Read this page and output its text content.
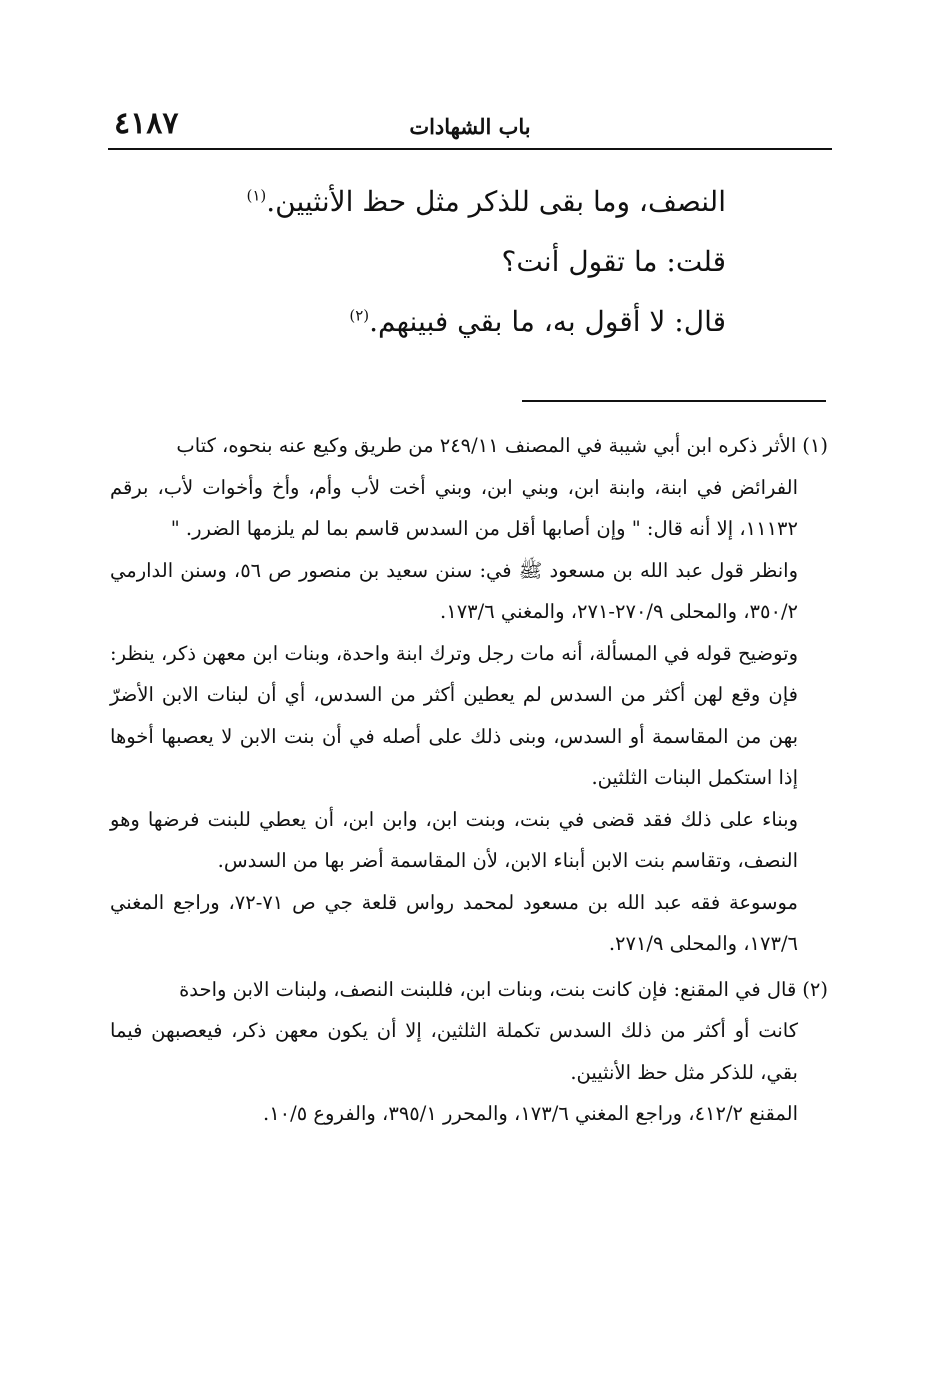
٤١٨٧	باب الشهادات

النصف، وما بقى للذكر مثل حظ الأنثيين.$^{(١)}$

قلت: ما تقول أنت؟

قال: لا أقول به، ما بقي فبينهم.$^{(٢)}$

(١)الأثر ذكره ابن أبي شيبة في المصنف ٢٤٩/١١ من طريق وكيع عنه بنحوه، كتاب

الفرائض في ابنة، وابنة ابن، وبني ابن، وبني أخت لأب وأم، وأخ وأخوات لأب، برقم ١١١٣٢، إلا أنه قال: " وإن أصابها أقل من السدس قاسم بما لم يلزمها الضرر. "

وانظر قول عبد الله بن مسعود ﷺ في: سنن سعيد بن منصور ص ٥٦، وسنن الدارمي ٣٥٠/٢، والمحلى ٢٧٠/٩-٢٧١، والمغني ١٧٣/٦.

وتوضيح قوله في المسألة، أنه مات رجل وترك ابنة واحدة، وبنات ابن معهن ذكر، ينظر: فإن وقع لهن أكثر من السدس لم يعطين أكثر من السدس، أي أن لبنات الابن الأضرّ بهن من المقاسمة أو السدس، وبنى ذلك على أصله في أن بنت الابن لا يعصبها أخوها إذا استكمل البنات الثلثين.

وبناء على ذلك فقد قضى في بنت، وبنت ابن، وابن ابن، أن يعطي للبنت فرضها وهو النصف، وتقاسم بنت الابن أبناء الابن، لأن المقاسمة أضر بها من السدس.

موسوعة فقه عبد الله بن مسعود لمحمد رواس قلعة جي ص ٧١-٧٢، وراجع المغني ١٧٣/٦، والمحلى ٢٧١/٩.

(٢)قال في المقنع: فإن كانت بنت، وبنات ابن، فللبنت النصف، ولبنات الابن واحدة

كانت أو أكثر من ذلك السدس تكملة الثلثين، إلا أن يكون معهن ذكر، فيعصبهن فيما بقي، للذكر مثل حظ الأنثيين.

المقنع ٤١٢/٢، وراجع المغني ١٧٣/٦، والمحرر ٣٩٥/١، والفروع ١٠/٥.
